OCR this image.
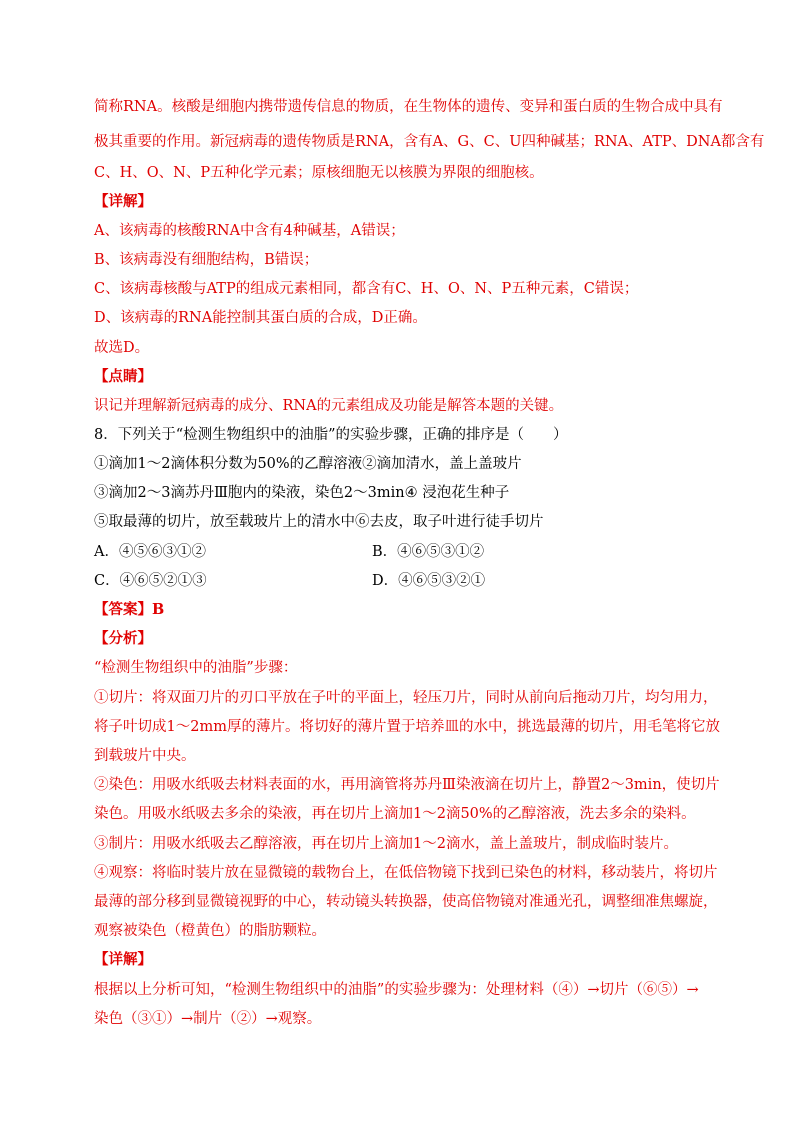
简称RNA。核酸是细胞内携带遗传信息的物质，在生物体的遗传、变异和蛋白质的生物合成中具有
极其重要的作用。新冠病毒的遗传物质是RNA，含有A、G、C、U四种碱基；RNA、ATP、DNA都含有
C、H、O、N、P五种化学元素；原核细胞无以核膜为界限的细胞核。
【详解】
A、该病毒的核酸RNA中含有4种碱基，A错误；
B、该病毒没有细胞结构，B错误；
C、该病毒核酸与ATP的组成元素相同，都含有C、H、O、N、P五种元素，C错误；
D、该病毒的RNA能控制其蛋白质的合成，D正确。
故选D。
【点睛】
识记并理解新冠病毒的成分、RNA的元素组成及功能是解答本题的关键。
8．下列关于“检测生物组织中的油脂”的实验步骤，正确的排序是（　　）
①滴加1～2滴体积分数为50%的乙醇溶液②滴加清水，盖上盖玻片
③滴加2～3滴苏丹Ⅲ胞内的染液，染色2～3min④ 浸泡花生种子
⑤取最薄的切片，放至载玻片上的清水中⑥去皮，取子叶进行徒手切片
A．④⑤⑥③①②	B．④⑥⑤③①②
C．④⑥⑤②①③	D．④⑥⑤③②①
【答案】B
【分析】
“检测生物组织中的油脂”步骤：
①切片：将双面刀片的刃口平放在子叶的平面上，轻压刀片，同时从前向后拖动刀片，均匀用力，
将子叶切成1～2mm厚的薄片。将切好的薄片置于培养皿的水中，挑选最薄的切片，用毛笔将它放
到载玻片中央。
②染色：用吸水纸吸去材料表面的水，再用滴管将苏丹Ⅲ染液滴在切片上，静置2～3min，使切片
染色。用吸水纸吸去多余的染液，再在切片上滴加1～2滴50%的乙醇溶液，洗去多余的染料。
③制片：用吸水纸吸去乙醇溶液，再在切片上滴加1～2滴水，盖上盖玻片，制成临时装片。
④观察：将临时装片放在显微镜的载物台上，在低倍物镜下找到已染色的材料，移动装片，将切片
最薄的部分移到显微镜视野的中心，转动镜头转换器，使高倍物镜对准通光孔，调整细准焦螺旋，
观察被染色（橙黄色）的脂肪颗粒。
【详解】
根据以上分析可知，“检测生物组织中的油脂”的实验步骤为：处理材料（④）→切片（⑥⑤）→
染色（③①）→制片（②）→观察。
